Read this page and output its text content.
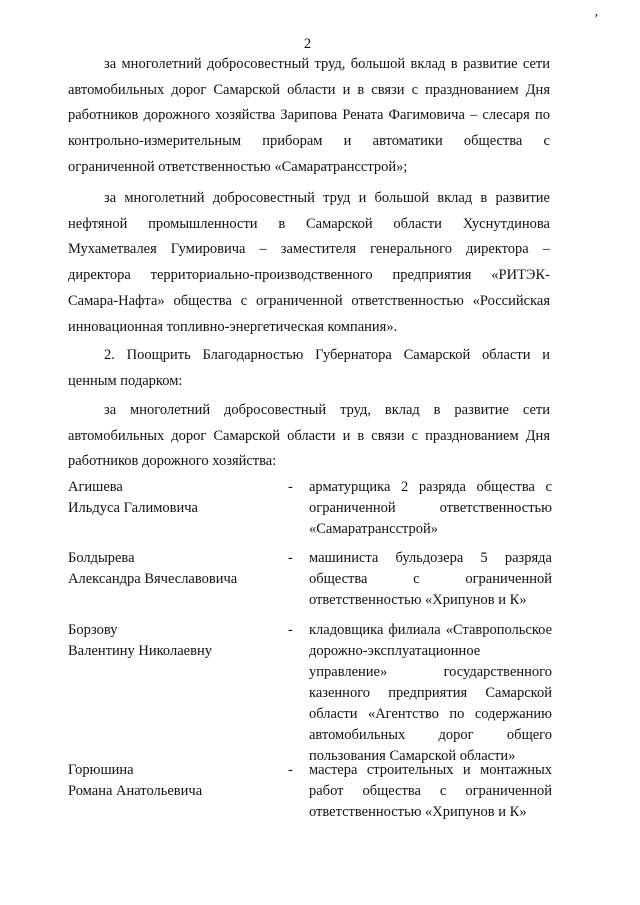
ʼ
2

за многолетний добросовестный труд, большой вклад в развитие сети автомобильных дорог Самарской области и в связи с празднованием Дня работников дорожного хозяйства Зарипова Рената Фагимовича – слесаря по контрольно-измерительным приборам и автоматики общества с ограниченной ответственностью «Самаратрансстрой»;

за многолетний добросовестный труд и большой вклад в развитие нефтяной промышленности в Самарской области Хуснутдинова Мухаметвалея Гумировича – заместителя генерального директора – директора территориально-производственного предприятия «РИТЭК-Самара-Нафта» общества с ограниченной ответственностью «Российская инновационная топливно-энергетическая компания».

2. Поощрить Благодарностью Губернатора Самарской области и ценным подарком:

за многолетний добросовестный труд, вклад в развитие сети автомобильных дорог Самарской области и в связи с празднованием Дня работников дорожного хозяйства:

Агишева
Ильдуса Галимовича
- арматурщика 2 разряда общества с ограниченной ответственностью «Самаратрансстрой»
Болдырева
Александра Вячеславовича
- машиниста бульдозера 5 разряда общества с ограниченной ответственностью «Хрипунов и К»
Борзову
Валентину Николаевну
- кладовщика филиала «Ставропольское дорожно-эксплуатационное управление» государственного казенного предприятия Самарской области «Агентство по содержанию автомобильных дорог общего пользования Самарской области»
Горюшина
Романа Анатольевича
- мастера строительных и монтажных работ общества с ограниченной ответственностью «Хрипунов и К»
